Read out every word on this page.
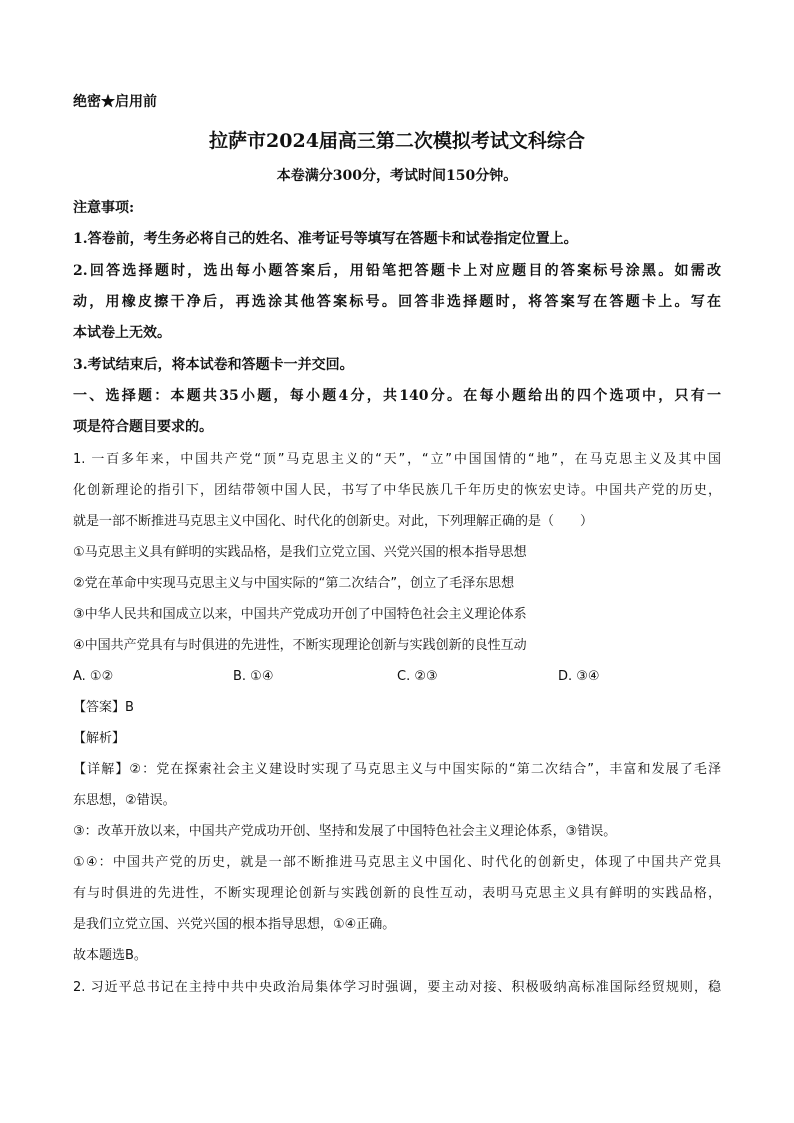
绝密★启用前
拉萨市2024届高三第二次模拟考试文科综合
本卷满分300分，考试时间150分钟。
注意事项:
1.答卷前，考生务必将自己的姓名、准考证号等填写在答题卡和试卷指定位置上。
2.回答选择题时，选出每小题答案后，用铅笔把答题卡上对应题目的答案标号涂黑。如需改
动，用橡皮擦干净后，再选涂其他答案标号。回答非选择题时，将答案写在答题卡上。写在
本试卷上无效。
3.考试结束后，将本试卷和答题卡一并交回。
一、选择题：本题共35小题，每小题4分，共140分。在每小题给出的四个选项中，只有一
项是符合题目要求的。
1. 一百多年来，中国共产党“顶”马克思主义的“天”，“立”中国国情的“地”，在马克思主义及其中国
化创新理论的指引下，团结带领中国人民，书写了中华民族几千年历史的恢宏史诗。中国共产党的历史，
就是一部不断推进马克思主义中国化、时代化的创新史。对此，下列理解正确的是（　　）
①马克思主义具有鲜明的实践品格，是我们立党立国、兴党兴国的根本指导思想
②党在革命中实现马克思主义与中国实际的“第二次结合”，创立了毛泽东思想
③中华人民共和国成立以来，中国共产党成功开创了中国特色社会主义理论体系
④中国共产党具有与时俱进的先进性，不断实现理论创新与实践创新的良性互动
A. ①②	B. ①④	C. ②③	D. ③④
【答案】B
【解析】
【详解】②：党在探索社会主义建设时实现了马克思主义与中国实际的“第二次结合”，丰富和发展了毛泽
东思想，②错误。
③：改革开放以来，中国共产党成功开创、坚持和发展了中国特色社会主义理论体系，③错误。
①④：中国共产党的历史，就是一部不断推进马克思主义中国化、时代化的创新史，体现了中国共产党具
有与时俱进的先进性，不断实现理论创新与实践创新的良性互动，表明马克思主义具有鲜明的实践品格，
是我们立党立国、兴党兴国的根本指导思想，①④正确。
故本题选B。
2. 习近平总书记在主持中共中央政治局集体学习时强调，要主动对接、积极吸纳高标准国际经贸规则，稳
